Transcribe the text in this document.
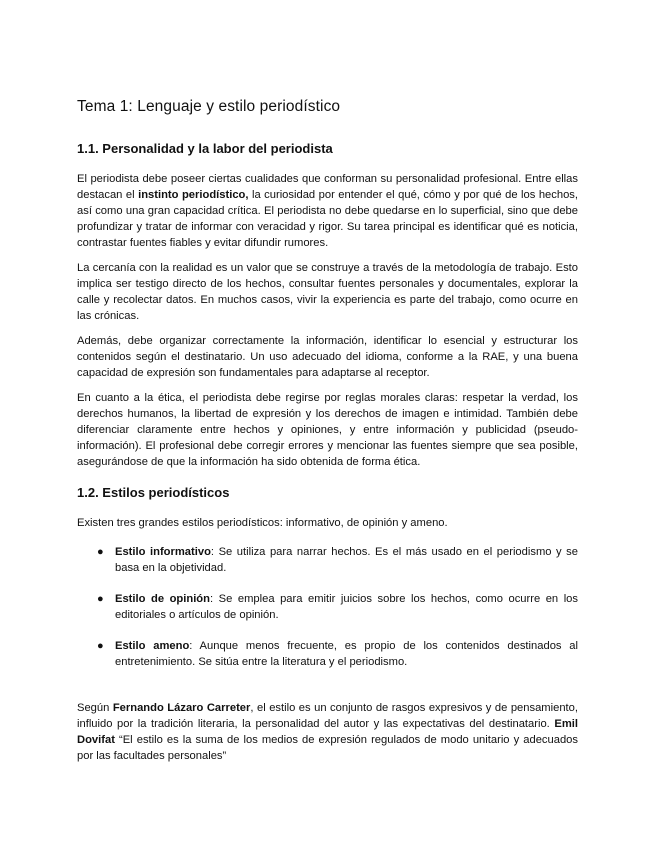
Tema 1: Lenguaje y estilo periodístico
1.1. Personalidad y la labor del periodista

El periodista debe poseer ciertas cualidades que conforman su personalidad profesional. Entre ellas destacan el instinto periodístico, la curiosidad por entender el qué, cómo y por qué de los hechos, así como una gran capacidad crítica. El periodista no debe quedarse en lo superficial, sino que debe profundizar y tratar de informar con veracidad y rigor. Su tarea principal es identificar qué es noticia, contrastar fuentes fiables y evitar difundir rumores.

La cercanía con la realidad es un valor que se construye a través de la metodología de trabajo. Esto implica ser testigo directo de los hechos, consultar fuentes personales y documentales, explorar la calle y recolectar datos. En muchos casos, vivir la experiencia es parte del trabajo, como ocurre en las crónicas.

Además, debe organizar correctamente la información, identificar lo esencial y estructurar los contenidos según el destinatario. Un uso adecuado del idioma, conforme a la RAE, y una buena capacidad de expresión son fundamentales para adaptarse al receptor.

En cuanto a la ética, el periodista debe regirse por reglas morales claras: respetar la verdad, los derechos humanos, la libertad de expresión y los derechos de imagen e intimidad. También debe diferenciar claramente entre hechos y opiniones, y entre información y publicidad (pseudo-información). El profesional debe corregir errores y mencionar las fuentes siempre que sea posible, asegurándose de que la información ha sido obtenida de forma ética.

1.2. Estilos periodísticos

Existen tres grandes estilos periodísticos: informativo, de opinión y ameno.

● Estilo informativo: Se utiliza para narrar hechos. Es el más usado en el periodismo y se basa en la objetividad.
● Estilo de opinión: Se emplea para emitir juicios sobre los hechos, como ocurre en los editoriales o artículos de opinión.
● Estilo ameno: Aunque menos frecuente, es propio de los contenidos destinados al entretenimiento. Se sitúa entre la literatura y el periodismo.

Según Fernando Lázaro Carreter, el estilo es un conjunto de rasgos expresivos y de pensamiento, influido por la tradición literaria, la personalidad del autor y las expectativas del destinatario. Emil Dovifat “El estilo es la suma de los medios de expresión regulados de modo unitario y adecuados por las facultades personales”
